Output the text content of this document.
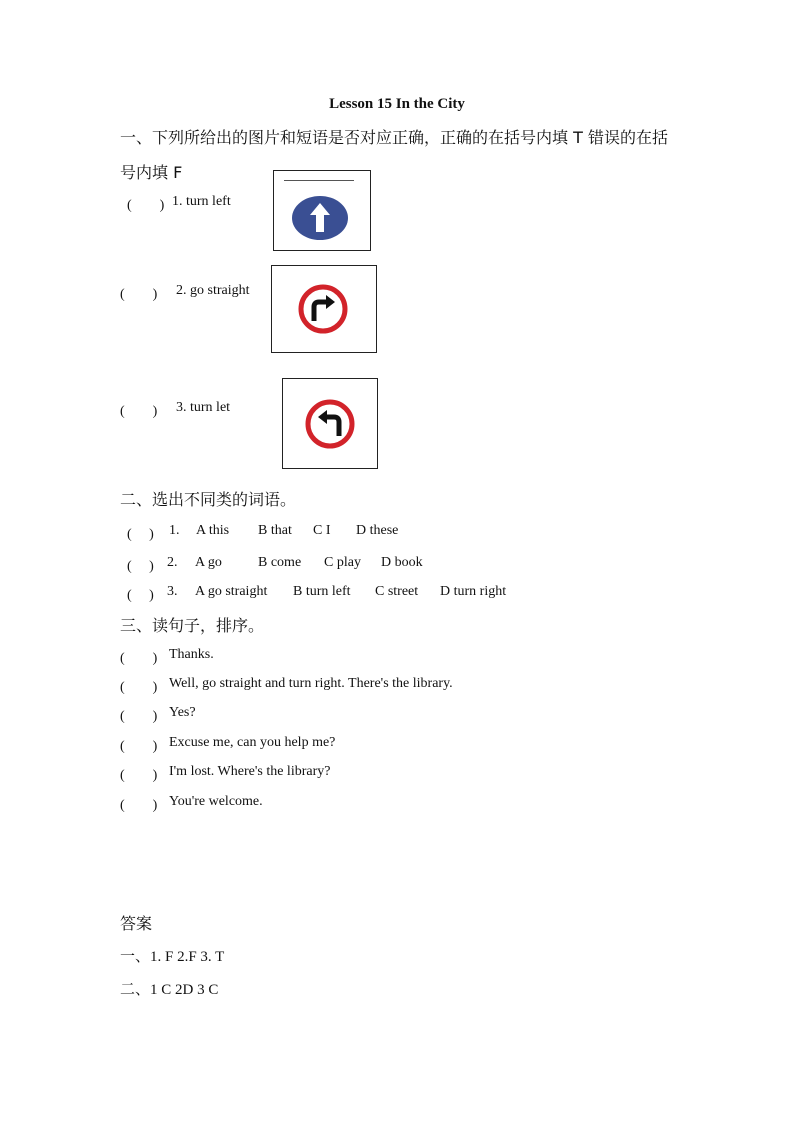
Lesson 15 In the City
一、下列所给出的图片和短语是否对应正确，正确的在括号内填 T 错误的在括
号内填 F
(　　) 1. turn left
(　　) 2. go straight
(　　) 3. turn let
二、选出不同类的词语。
(　 ) 1. A this B that C I D these
(　 ) 2. A go	B come C play D book
(　 ) 3. A go straight B turn left C street D turn right
三、读句子，排序。
(　　) Thanks.
(　　) Well, go straight and turn right. There's the library.
(　　) Yes?
(　　) Excuse me, can you help me?
(　　) I'm lost. Where's the library?
(　　) You're welcome.
答案
一、1. F 2.F 3. T
二、1 C 2D 3 C
